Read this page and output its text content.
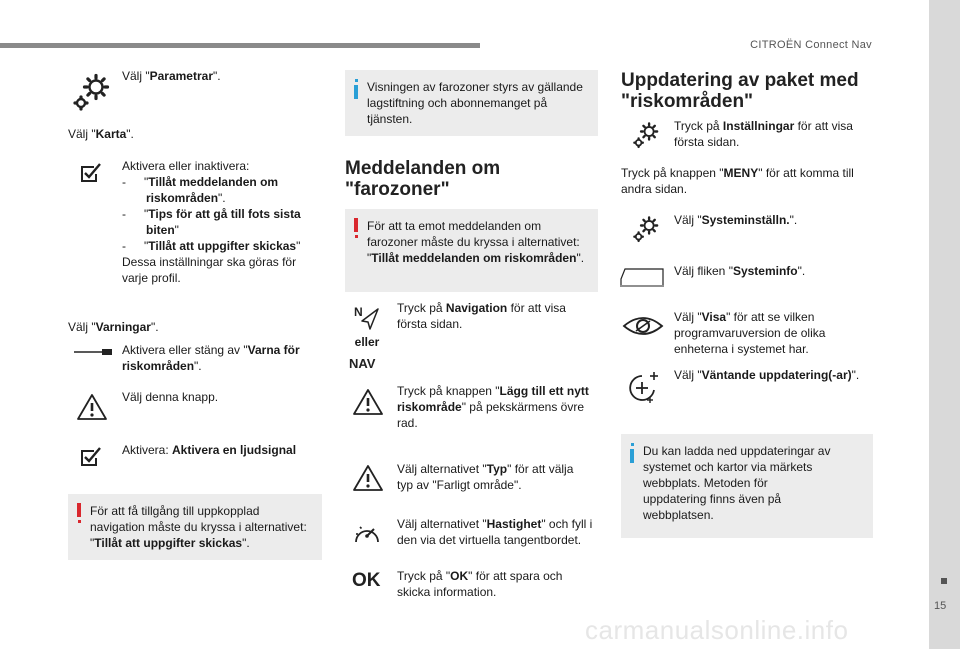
CITROËN Connect Nav
15
carmanualsonline.info
Välj "Parametrar".
Välj "Karta".
Aktivera eller inaktivera:
- "Tillåt meddelanden om riskområden".
- "Tips för att gå till fots sista biten"
- "Tillåt att uppgifter skickas"
Dessa inställningar ska göras för varje profil.
Välj "Varningar".
Aktivera eller stäng av "Varna för riskområden".
Välj denna knapp.
Aktivera: Aktivera en ljudsignal
För att få tillgång till uppkopplad navigation måste du kryssa i alternativet: "Tillåt att uppgifter skickas".
Visningen av farozoner styrs av gällande lagstiftning och abonnemanget på tjänsten.
Meddelanden om "farozoner"
För att ta emot meddelanden om farozoner måste du kryssa i alternativet: "Tillåt meddelanden om riskområden".
N
eller
NAV
Tryck på Navigation för att visa första sidan.
Tryck på knappen "Lägg till ett nytt riskområde" på pekskärmens övre rad.
Välj alternativet "Typ" för att välja typ av "Farligt område".
Välj alternativet "Hastighet" och fyll i den via det virtuella tangentbordet.
OK Tryck på "OK" för att spara och skicka information.
Uppdatering av paket med "riskområden"
Tryck på Inställningar för att visa första sidan.
Tryck på knappen "MENY" för att komma till andra sidan.
Välj "Systeminställn.".
Välj fliken "Systeminfo".
Välj "Visa" för att se vilken programvaruversion de olika enheterna i systemet har.
Välj "Väntande uppdatering(-ar)".
Du kan ladda ned uppdateringar av systemet och kartor via märkets webbplats. Metoden för uppdatering finns även på webbplatsen.
